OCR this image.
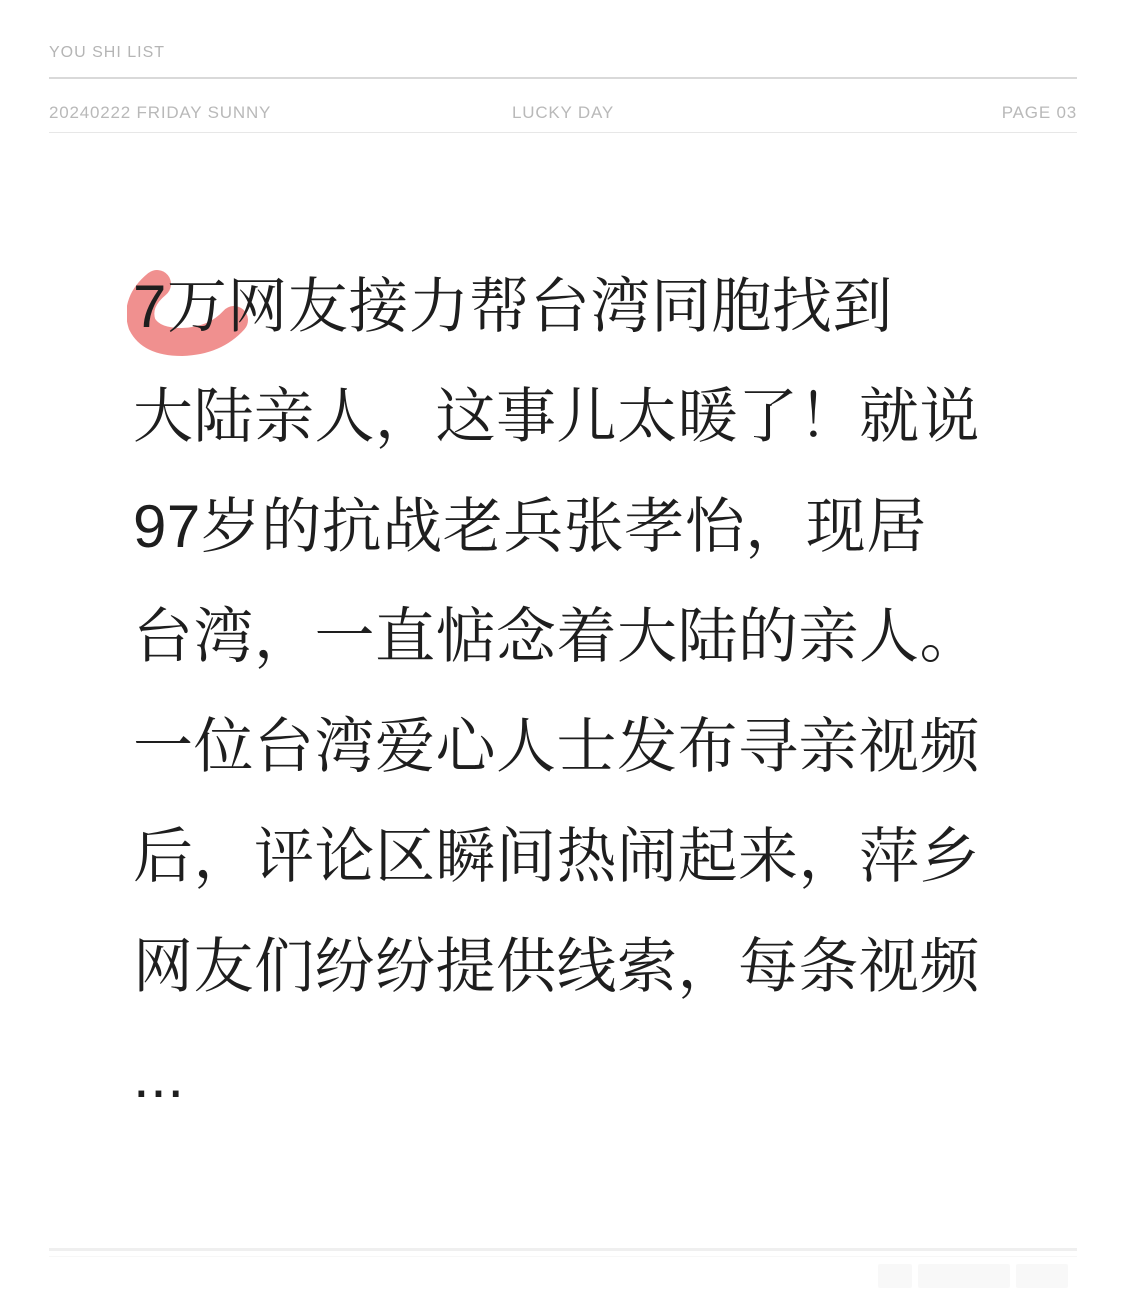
YOU SHI LIST
20240222 FRIDAY SUNNY	LUCKY DAY	PAGE 03
7万网友接力帮台湾同胞找到
大陆亲人，这事儿太暖了！就说
97岁的抗战老兵张孝怡，现居
台湾，一直惦念着大陆的亲人。
一位台湾爱心人士发布寻亲视频
后，评论区瞬间热闹起来，萍乡
网友们纷纷提供线索，每条视频
...
